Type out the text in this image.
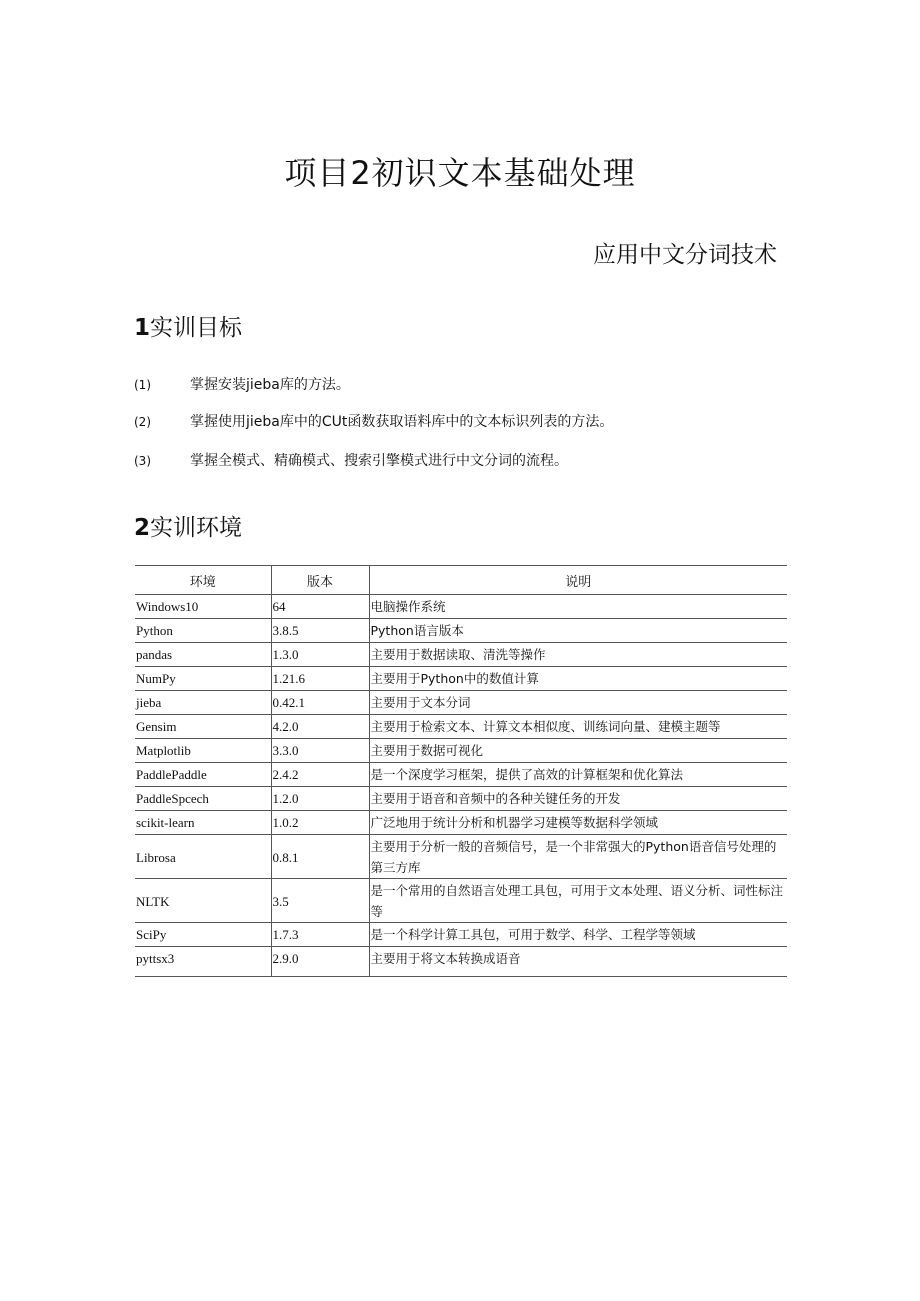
项目2初识文本基础处理
应用中文分词技术
1实训目标
(1)	掌握安装jieba库的方法。
(2)	掌握使用jieba库中的CUt函数获取语料库中的文本标识列表的方法。
(3)	掌握全模式、精确模式、搜索引擎模式进行中文分词的流程。
2实训环境
环境	版本	说明
Windows10	64	电脑操作系统
Python	3.8.5	Python语言版本
pandas	1.3.0	主要用于数据读取、清洗等操作
NumPy	1.21.6	主要用于Python中的数值计算
jieba	0.42.1	主要用于文本分词
Gensim	4.2.0	主要用于检索文本、计算文本相似度、训练词向量、建模主题等
Matplotlib	3.3.0	主要用于数据可视化
PaddlePaddle	2.4.2	是一个深度学习框架，提供了高效的计算框架和优化算法
PaddleSpcech	1.2.0	主要用于语音和音频中的各种关键任务的开发
scikit-learn	1.0.2	广泛地用于统计分析和机器学习建模等数据科学领域
Librosa	0.8.1	主要用于分析一般的音频信号，是一个非常强大的Python语音信号处理的第三方库
NLTK	3.5	是一个常用的自然语言处理工具包，可用于文本处理、语义分析、词性标注等
SciPy	1.7.3	是一个科学计算工具包，可用于数学、科学、工程学等领域
pyttsx3	2.9.0	主要用于将文本转换成语音
